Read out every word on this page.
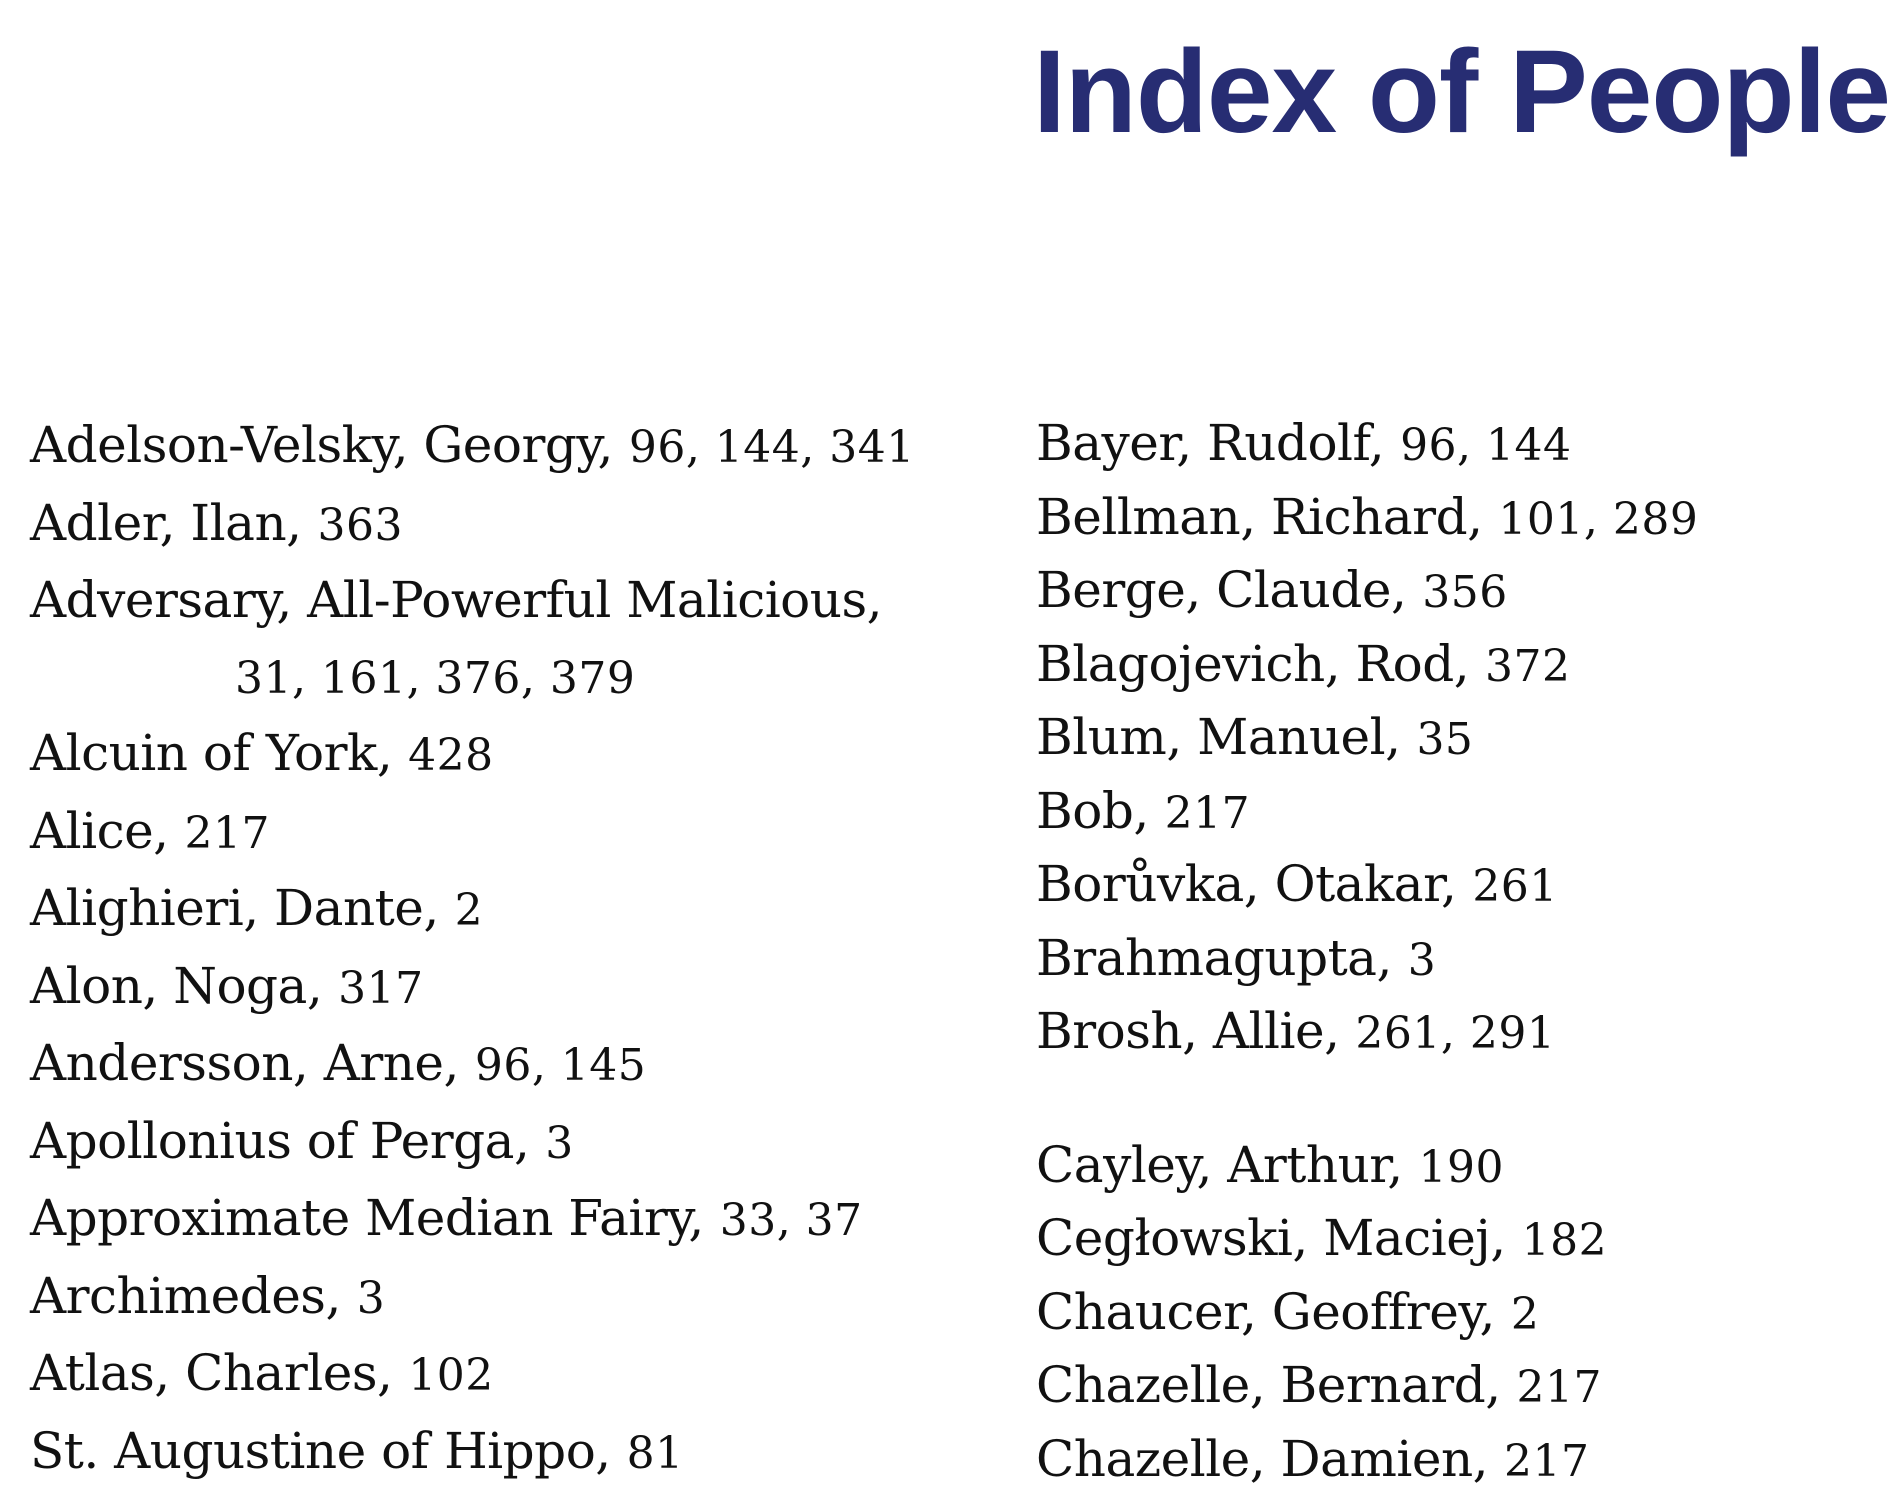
Index of People
Adelson-Velsky, Georgy, 96, 144, 341
Adler, Ilan, 363
Adversary, All-Powerful Malicious,
31, 161, 376, 379
Alcuin of York, 428
Alice, 217
Alighieri, Dante, 2
Alon, Noga, 317
Andersson, Arne, 96, 145
Apollonius of Perga, 3
Approximate Median Fairy, 33, 37
Archimedes, 3
Atlas, Charles, 102
St. Augustine of Hippo, 81
Bayer, Rudolf, 96, 144
Bellman, Richard, 101, 289
Berge, Claude, 356
Blagojevich, Rod, 372
Blum, Manuel, 35
Bob, 217
Borůvka, Otakar, 261
Brahmagupta, 3
Brosh, Allie, 261, 291
Cayley, Arthur, 190
Cegłowski, Maciej, 182
Chaucer, Geoffrey, 2
Chazelle, Bernard, 217
Chazelle, Damien, 217
